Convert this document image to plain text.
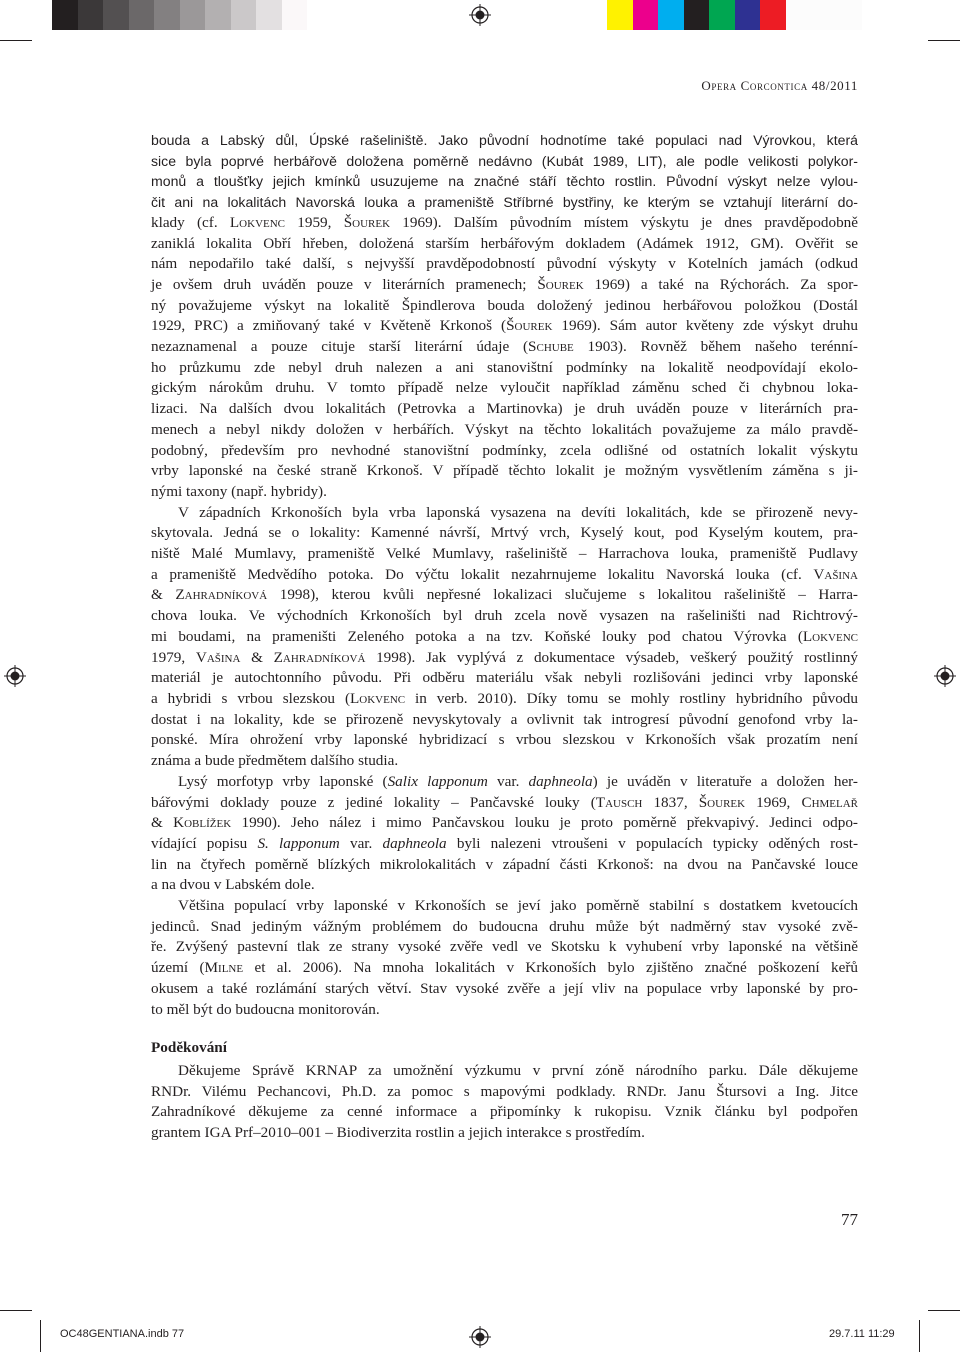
Opera Corcontica 48/2011
bouda a Labský důl, Úpské rašeliniště. Jako původní hodnotíme také populaci nad Výrovkou, která
sice byla poprvé herbářově doložena poměrně nedávno (Kubát 1989, LIT), ale podle velikosti polykor-
monů a tloušťky jejich kmínků usuzujeme na značné stáří těchto rostlin. Původní výskyt nelze vylou-
čit ani na lokalitách Navorská louka a prameniště Stříbrné bystřiny, ke kterým se vztahují literární do-
klady (cf. Lokvenc 1959, Šourek 1969). Dalším původním místem výskytu je dnes pravděpodobně
zaniklá lokalita Obří hřeben, doložená starším herbářovým dokladem (Adámek 1912, GM). Ověřit se
nám nepodařilo také další, s nejvyšší pravděpodobností původní výskyty v Kotelních jamách (odkud
je ovšem druh uváděn pouze v literárních pramenech; Šourek 1969) a také na Rýchorách. Za spor-
ný považujeme výskyt na lokalitě Špindlerova bouda doložený jedinou herbářovou položkou (Dostál
1929, PRC) a zmiňovaný také v Květeně Krkonoš (Šourek 1969). Sám autor květeny zde výskyt druhu
nezaznamenal a pouze cituje starší literární údaje (Schube 1903). Rovněž během našeho terénní-
ho průzkumu zde nebyl druh nalezen a ani stanovištní podmínky na lokalitě neodpovídají ekolo-
gickým nárokům druhu. V tomto případě nelze vyloučit například záměnu sched či chybnou loka-
lizaci. Na dalších dvou lokalitách (Petrovka a Martinovka) je druh uváděn pouze v literárních pra-
menech a nebyl nikdy doložen v herbářích. Výskyt na těchto lokalitách považujeme za málo pravdě-
podobný, především pro nevhodné stanovištní podmínky, zcela odlišné od ostatních lokalit výskytu
vrby laponské na české straně Krkonoš. V případě těchto lokalit je možným vysvětlením záměna s ji-
nými taxony (např. hybridy).
V západních Krkonoších byla vrba laponská vysazena na devíti lokalitách, kde se přirozeně nevy-
skytovala. Jedná se o lokality: Kamenné návrší, Mrtvý vrch, Kyselý kout, pod Kyselým koutem, pra-
niště Malé Mumlavy, prameniště Velké Mumlavy, rašeliniště – Harrachova louka, prameniště Pudlavy
a prameniště Medvědího potoka. Do výčtu lokalit nezahrnujeme lokalitu Navorská louka (cf. Vašina
& Zahradníková 1998), kterou kvůli nepřesné lokalizaci slučujeme s lokalitou rašeliniště – Harra-
chova louka. Ve východních Krkonoších byl druh zcela nově vysazen na rašeliništi nad Richtrový-
mi boudami, na prameništi Zeleného potoka a na tzv. Koňské louky pod chatou Výrovka (Lokvenc
1979, Vašina & Zahradníková 1998). Jak vyplývá z dokumentace výsadeb, veškerý použitý rostlinný
materiál je autochtonního původu. Při odběru materiálu však nebyli rozlišováni jedinci vrby laponské
a hybridi s vrbou slezskou (Lokvenc in verb. 2010). Díky tomu se mohly rostliny hybridního původu
dostat i na lokality, kde se přirozeně nevyskytovaly a ovlivnit tak introgresí původní genofond vrby la-
ponské. Míra ohrožení vrby laponské hybridizací s vrbou slezskou v Krkonoších však prozatím není
známa a bude předmětem dalšího studia.
Lysý morfotyp vrby laponské (Salix lapponum var. daphneola) je uváděn v literatuře a doložen her-
bářovými doklady pouze z jediné lokality – Pančavské louky (Tausch 1837, Šourek 1969, Chmelař
& Koblížek 1990). Jeho nález i mimo Pančavskou louku je proto poměrně překvapivý. Jedinci odpo-
vídající popisu S. lapponum var. daphneola byli nalezeni vtroušeni v populacích typicky oděných rost-
lin na čtyřech poměrně blízkých mikrolokalitách v západní části Krkonoš: na dvou na Pančavské louce
a na dvou v Labském dole.
Většina populací vrby laponské v Krkonoších se jeví jako poměrně stabilní s dostatkem kvetoucích
jedinců. Snad jediným vážným problémem do budoucna druhu může být nadměrný stav vysoké zvě-
ře. Zvýšený pastevní tlak ze strany vysoké zvěře vedl ve Skotsku k vyhubení vrby laponské na většině
území (Milne et al. 2006). Na mnoha lokalitách v Krkonoších bylo zjištěno značné poškození keřů
okusem a také rozlámání starých větví. Stav vysoké zvěře a její vliv na populace vrby laponské by pro-
to měl být do budoucna monitorován.
Poděkování
Děkujeme Správě KRNAP za umožnění výzkumu v první zóně národního parku. Dále děkujeme
RNDr. Vilému Pechancovi, Ph.D. za pomoc s mapovými podklady. RNDr. Janu Štursovi a Ing. Jitce
Zahradníkové děkujeme za cenné informace a připomínky k rukopisu. Vznik článku byl podpořen
grantem IGA Prf–2010–001 – Biodiverzita rostlin a jejich interakce s prostředím.
77
OC48GENTIANA.indb 77	29.7.11 11:29
